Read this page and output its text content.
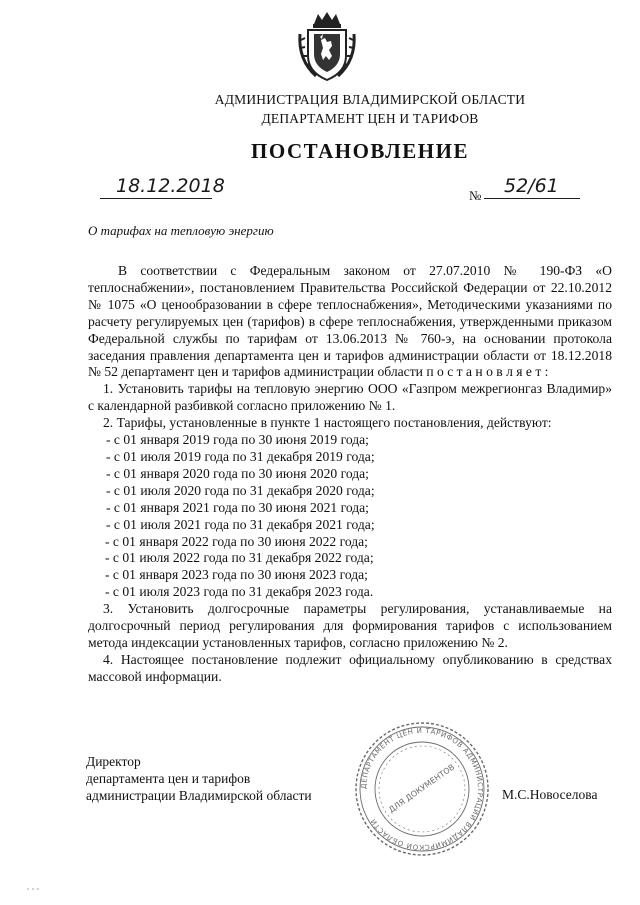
АДМИНИСТРАЦИЯ ВЛАДИМИРСКОЙ ОБЛАСТИ
ДЕПАРТАМЕНТ ЦЕН И ТАРИФОВ
ПОСТАНОВЛЕНИЕ
18.12.2018	№ 52/61
О тарифах на тепловую энергию

В соответствии с Федеральным законом от 27.07.2010 № 190-ФЗ «О теплоснабжении», постановлением Правительства Российской Федерации от 22.10.2012 № 1075 «О ценообразовании в сфере теплоснабжения», Методическими указаниями по расчету регулируемых цен (тарифов) в сфере теплоснабжения, утвержденными приказом Федеральной службы по тарифам от 13.06.2013 № 760-э, на основании протокола заседания правления департамента цен и тарифов администрации области от 18.12.2018 № 52 департамент цен и тарифов администрации области п о с т а н о в л я е т :

1. Установить тарифы на тепловую энергию ООО «Газпром межрегионгаз Владимир» с календарной разбивкой согласно приложению № 1.

2. Тарифы, установленные в пункте 1 настоящего постановления, действуют:

- с 01 января 2019 года по 30 июня 2019 года;

- с 01 июля 2019 года по 31 декабря 2019 года;

- с 01 января 2020 года по 30 июня 2020 года;

- с 01 июля 2020 года по 31 декабря 2020 года;

- с 01 января 2021 года по 30 июня 2021 года;

- с 01 июля 2021 года по 31 декабря 2021 года;

- с 01 января 2022 года по 30 июня 2022 года;

- с 01 июля 2022 года по 31 декабря 2022 года;

- с 01 января 2023 года по 30 июня 2023 года;

- с 01 июля 2023 года по 31 декабря 2023 года.

3. Установить долгосрочные параметры регулирования, устанавливаемые на долгосрочный период регулирования для формирования тарифов с использованием метода индексации установленных тарифов, согласно приложению № 2.

4. Настоящее постановление подлежит официальному опубликованию в средствах массовой информации.

Директор
департамента цен и тарифов
администрации Владимирской области	М.С.Новоселова
ДЕПАРТАМЕНТ ЦЕН И ТАРИФОВ АДМИНИСТРАЦИИ ВЛАДИМИРСКОЙ ОБЛАСТИ
ДЛЯ ДОКУМЕНТОВ
